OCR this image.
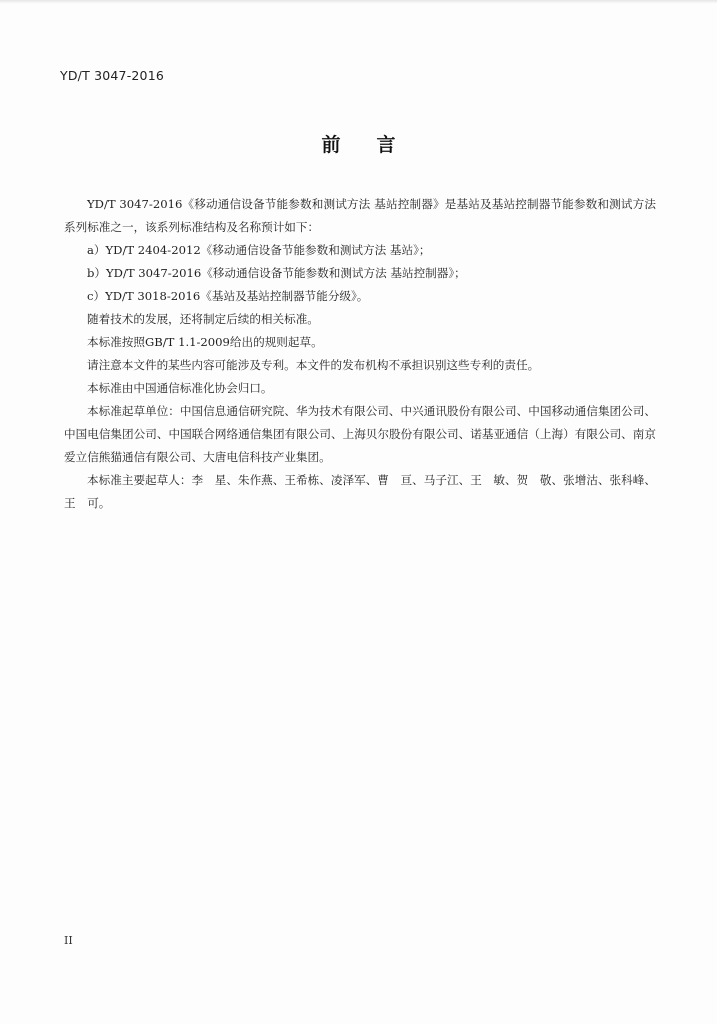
YD/T 3047-2016
前言

YD/T 3047-2016《移动通信设备节能参数和测试方法 基站控制器》是基站及基站控制器节能参数和测试方法系列标准之一，该系列标准结构及名称预计如下：

a）YD/T 2404-2012《移动通信设备节能参数和测试方法 基站》；

b）YD/T 3047-2016《移动通信设备节能参数和测试方法 基站控制器》；

c）YD/T 3018-2016《基站及基站控制器节能分级》。

随着技术的发展，还将制定后续的相关标准。

本标准按照GB/T 1.1-2009给出的规则起草。

请注意本文件的某些内容可能涉及专利。本文件的发布机构不承担识别这些专利的责任。

本标准由中国通信标准化协会归口。

本标准起草单位：中国信息通信研究院、华为技术有限公司、中兴通讯股份有限公司、中国移动通信集团公司、中国电信集团公司、中国联合网络通信集团有限公司、上海贝尔股份有限公司、诺基亚通信（上海）有限公司、南京爱立信熊猫通信有限公司、大唐电信科技产业集团。

本标准主要起草人：李　星、朱作燕、王希栋、凌泽军、曹　亘、马子江、王　敏、贺　敬、张增沽、张科峰、王　可。

II
